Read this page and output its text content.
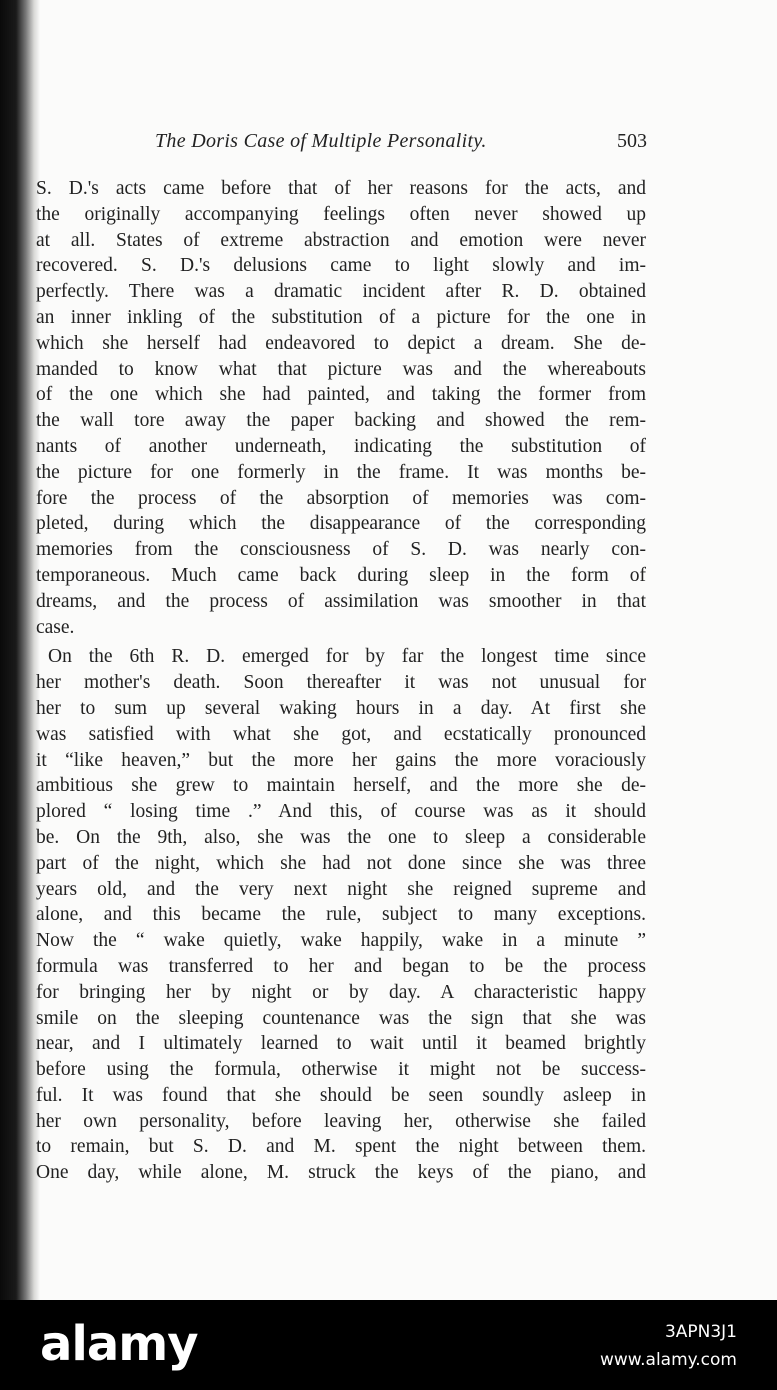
The Doris Case of Multiple Personality.	503
S. D.'s acts came before that of her reasons for the acts, and
the originally accompanying feelings often never showed up
at all. States of extreme abstraction and emotion were never
recovered. S. D.'s delusions came to light slowly and im-
perfectly. There was a dramatic incident after R. D. obtained
an inner inkling of the substitution of a picture for the one in
which she herself had endeavored to depict a dream. She de-
manded to know what that picture was and the whereabouts
of the one which she had painted, and taking the former from
the wall tore away the paper backing and showed the rem-
nants of another underneath, indicating the substitution of
the picture for one formerly in the frame. It was months be-
fore the process of the absorption of memories was com-
pleted, during which the disappearance of the corresponding
memories from the consciousness of S. D. was nearly con-
temporaneous. Much came back during sleep in the form of
dreams, and the process of assimilation was smoother in that
case.
On the 6th R. D. emerged for by far the longest time since
her mother's death. Soon thereafter it was not unusual for
her to sum up several waking hours in a day. At first she
was satisfied with what she got, and ecstatically pronounced
it “like heaven,” but the more her gains the more voraciously
ambitious she grew to maintain herself, and the more she de-
plored “ losing time .” And this, of course was as it should
be. On the 9th, also, she was the one to sleep a considerable
part of the night, which she had not done since she was three
years old, and the very next night she reigned supreme and
alone, and this became the rule, subject to many exceptions.
Now the “ wake quietly, wake happily, wake in a minute ”
formula was transferred to her and began to be the process
for bringing her by night or by day. A characteristic happy
smile on the sleeping countenance was the sign that she was
near, and I ultimately learned to wait until it beamed brightly
before using the formula, otherwise it might not be success-
ful. It was found that she should be seen soundly asleep in
her own personality, before leaving her, otherwise she failed
to remain, but S. D. and M. spent the night between them.
One day, while alone, M. struck the keys of the piano, and
alamy	3APN3J1
www.alamy.com
